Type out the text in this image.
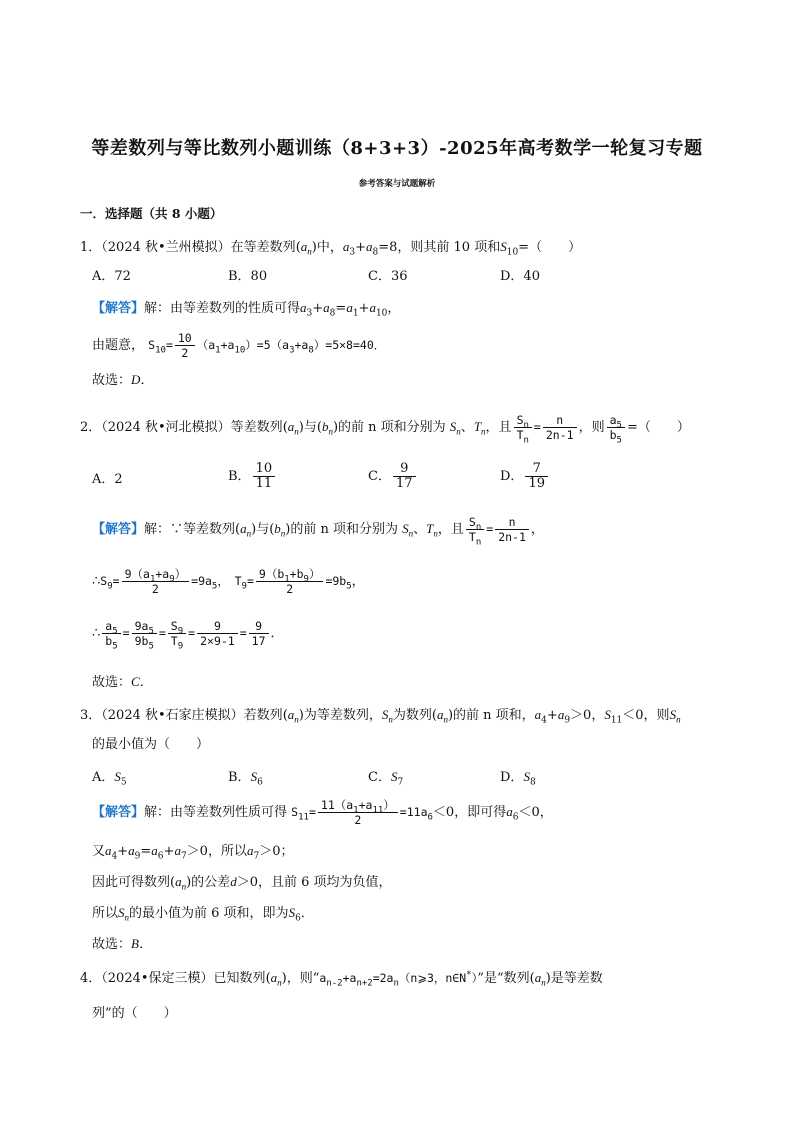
等差数列与等比数列小题训练（8+3+3）-2025年高考数学一轮复习专题
参考答案与试题解析
一．选择题（共 8 小题）
1．（2024 秋•兰州模拟）在等差数列$(a_n)$中，$a_3+a_8=8$，则其前 10 项和$S_{10}=$（　　）
A．72	B．80	C．36	D．40
【解答】解：由等差数列的性质可得$a_3+a_8=a_1+a_{10}$，
由题意， $S_{10}= \frac{10}{2} (a_1+a_{10})=5(a_3+a_8)=5\times 8=40$．
故选：D．
2．（2024 秋•河北模拟）等差数列$(a_n)$与$(b_n)$的前 n 项和分别为 $S_n$、$T_n$，且 $\frac{S_n}{T_n} = \frac{n}{2n-1}$ ，则 $\frac{a_5}{b_5}$ =（　　）
A．2	B． $\frac{10}{11}$	C． $\frac{9}{17}$	D． $\frac{7}{19}$
【解答】解：∵等差数列$(a_n)$与$(b_n)$的前 n 项和分别为 $S_n$、$T_n$，且 $\frac{S_n}{T_n} = \frac{n}{2n-1}$ ，
$\therefore S_9= \frac{9(a_1+a_9)}{2} =9a_5$，　$T_9= \frac{9(b_1+b_9)}{2} =9b_5$，
∴ $\frac{a_5}{b_5} = \frac{9a_5}{9b_5} = \frac{S_9}{T_9} = \frac{9}{2\times 9-1} = \frac{9}{17}$ ．
故选：C．
3．（2024 秋•石家庄模拟）若数列$(a_n)$为等差数列，$S_n$为数列$(a_n)$的前 n 项和，$a_4+a_9>0$，$S_{11}<0$，则$S_n$
的最小值为（　　）
A．$S_5$	B．$S_6$	C．$S_7$	D．$S_8$
【解答】解：由等差数列性质可得 $S_{11}= \frac{11(a_1+a_{11})}{2} =11a_6<0$，即可得$a_6<0$，
又$a_4+a_9=a_6+a_7>0$，所以$a_7>0$；
因此可得数列$(a_n)$的公差d＞0，且前 6 项均为负值，
所以$S_n$的最小值为前 6 项和，即为$S_6$．
故选：B．
4．（2024•保定三模）已知数列$(a_n)$，则“$a_{n-2}+a_{n+2}=2a_n(n⩾3$，n∈N*）”是“数列$(a_n)$是等差数
列”的（　　）
